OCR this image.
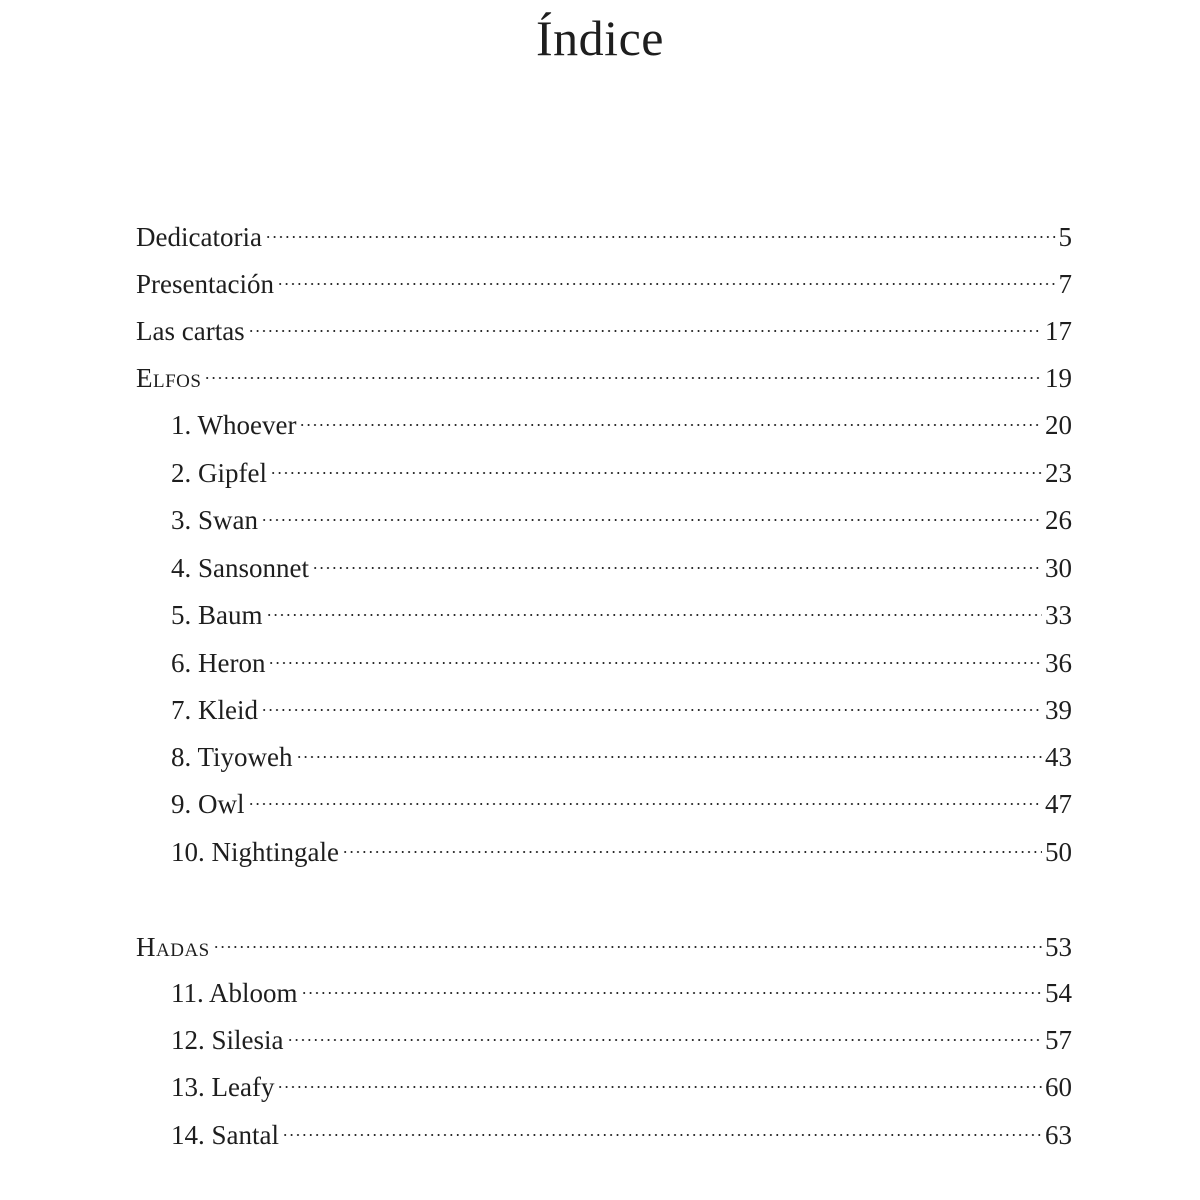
Índice
Dedicatoria	5
Presentación	7
Las cartas	17
Elfos	19
1. Whoever	20
2. Gipfel	23
3. Swan	26
4. Sansonnet	30
5. Baum	33
6. Heron	36
7. Kleid	39
8. Tiyoweh	43
9. Owl	47
10. Nightingale	50
Hadas	53
11. Abloom	54
12. Silesia	57
13. Leafy	60
14. Santal	63
